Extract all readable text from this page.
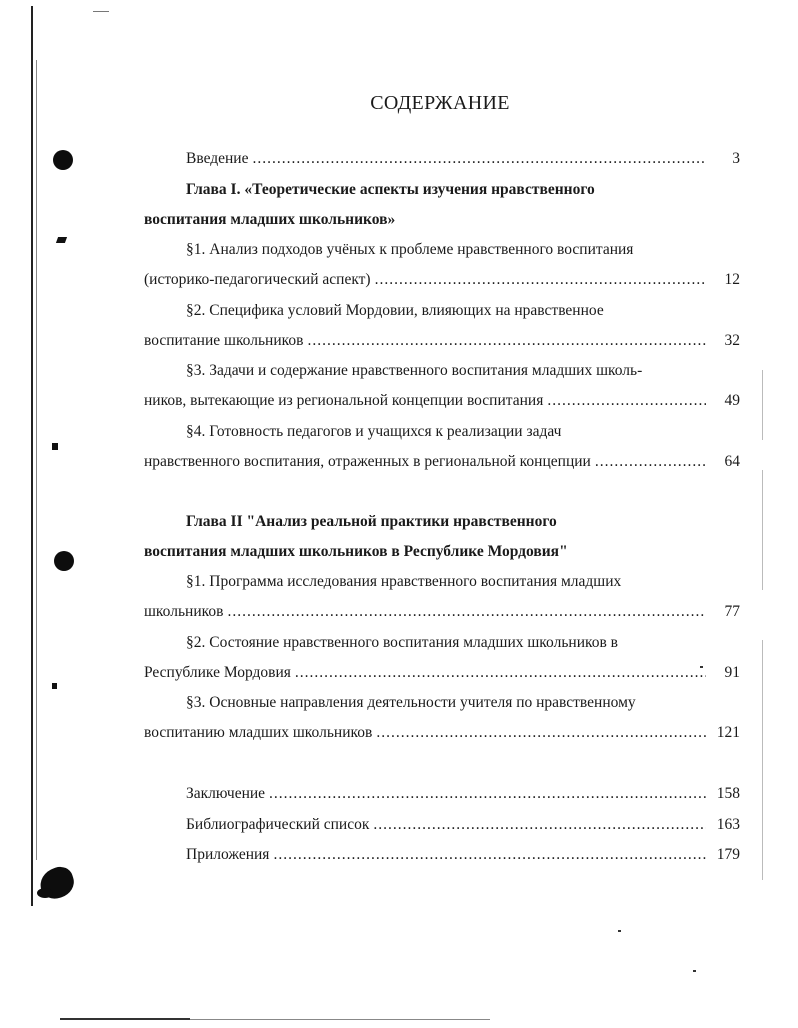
СОДЕРЖАНИЕ
Введение .....	3
Глава I. «Теоретические аспекты изучения нравственного
воспитания младших школьников»
§1. Анализ подходов учёных к проблеме нравственного воспитания
(историко-педагогический аспект) .....	12
§2. Специфика условий Мордовии, влияющих на нравственное
воспитание школьников .....	32
§3. Задачи и содержание нравственного воспитания младших школь-
ников, вытекающие из региональной концепции воспитания .....	49
§4. Готовность педагогов и учащихся к реализации задач
нравственного воспитания, отраженных в региональной концепции .....	64
Глава II "Анализ реальной практики нравственного
воспитания младших школьников в Республике Мордовия"
§1. Программа исследования нравственного воспитания младших
школьников .....	77
§2. Состояние нравственного воспитания младших школьников в
Республике Мордовия .....	91
§3. Основные направления деятельности учителя по нравственному
воспитанию младших школьников .....	121
Заключение .....	158
Библиографический список .....	163
Приложения .....	179
